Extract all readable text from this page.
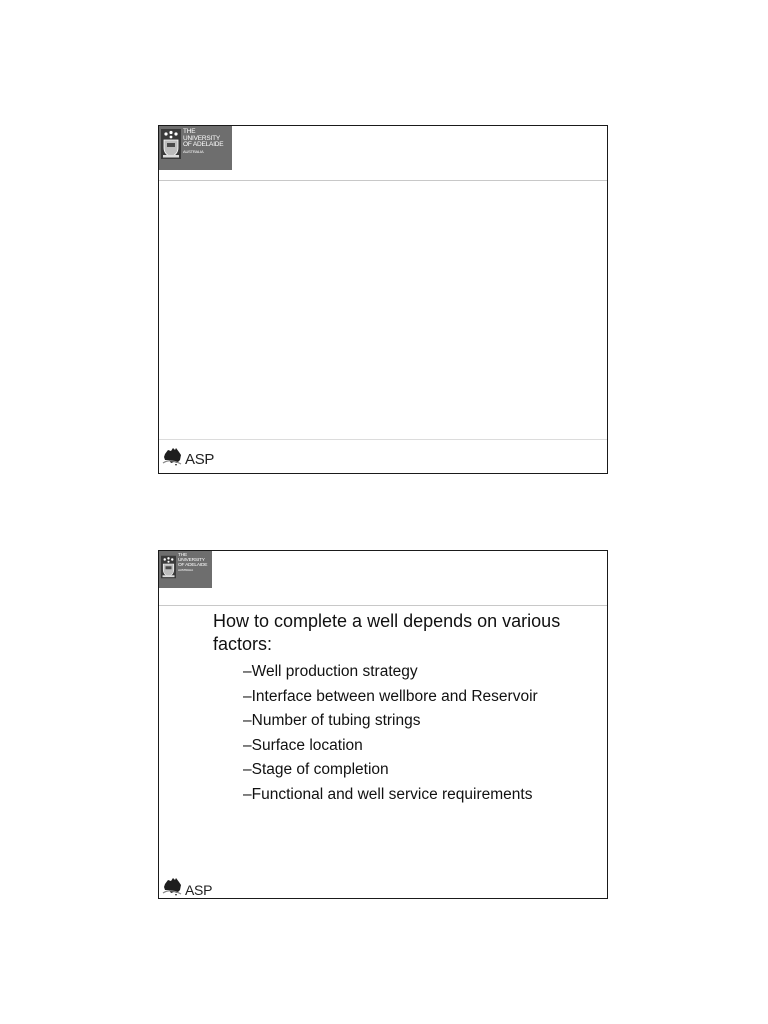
THE UNIVERSITY
OF ADELAIDE
AUSTRALIA
ASP
THE UNIVERSITY
OF ADELAIDE
AUSTRALIA

How to complete a well depends on various factors:

–Well production strategy
–Interface between wellbore and Reservoir
–Number of tubing strings
–Surface location
–Stage of completion
–Functional and well service requirements
ASP
